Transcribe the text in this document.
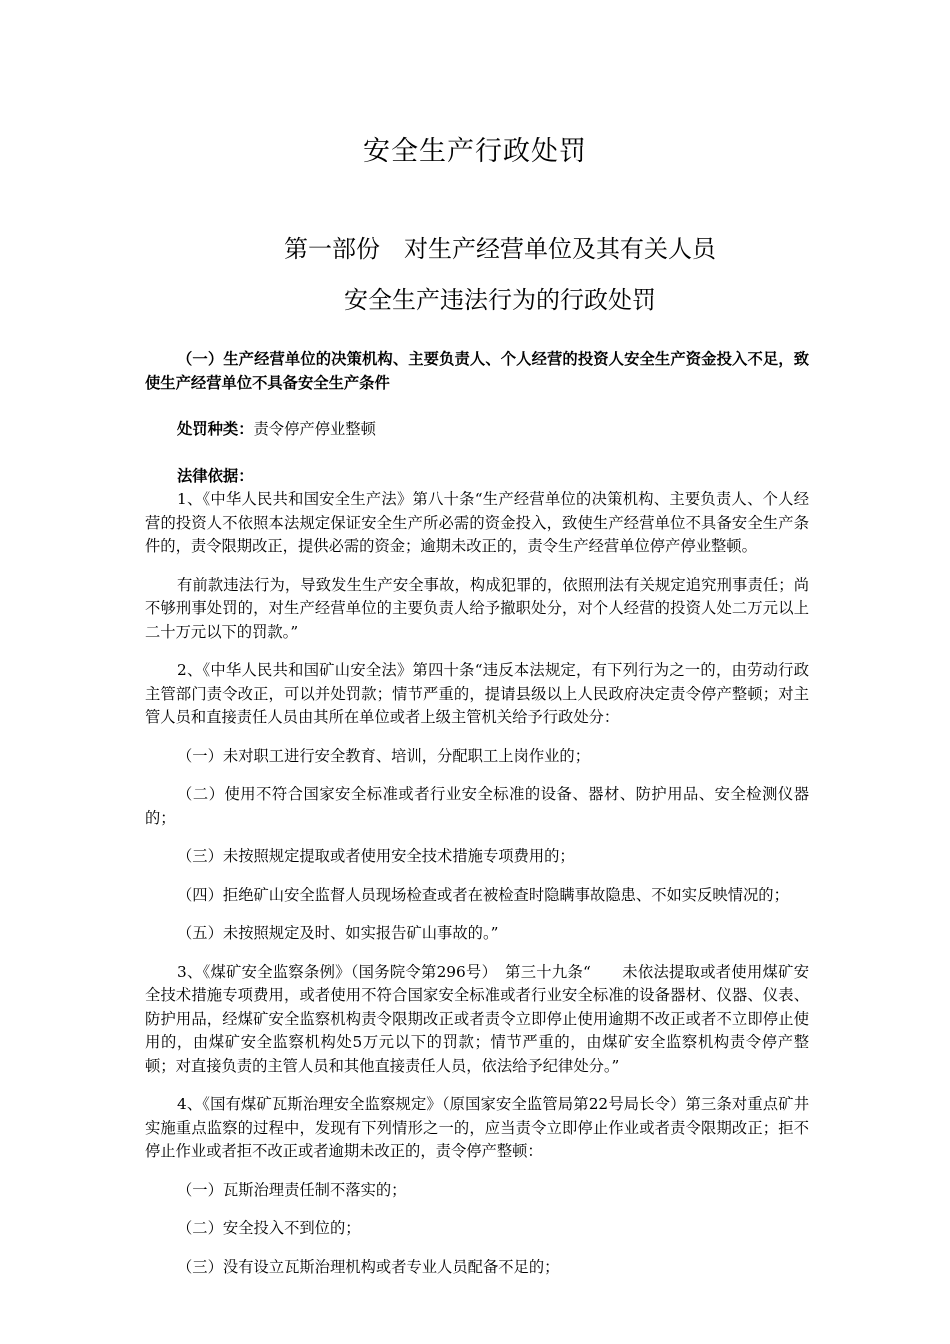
安全生产行政处罚
第一部份　对生产经营单位及其有关人员
安全生产违法行为的行政处罚

（一）生产经营单位的决策机构、主要负责人、个人经营的投资人安全生产资金投入不足，致使生产经营单位不具备安全生产条件

处罚种类：责令停产停业整顿

法律依据：

1、《中华人民共和国安全生产法》第八十条“生产经营单位的决策机构、主要负责人、个人经营的投资人不依照本法规定保证安全生产所必需的资金投入，致使生产经营单位不具备安全生产条件的，责令限期改正，提供必需的资金；逾期未改正的，责令生产经营单位停产停业整顿。

有前款违法行为，导致发生生产安全事故，构成犯罪的，依照刑法有关规定追究刑事责任；尚不够刑事处罚的，对生产经营单位的主要负责人给予撤职处分，对个人经营的投资人处二万元以上二十万元以下的罚款。”

2、《中华人民共和国矿山安全法》第四十条“违反本法规定，有下列行为之一的，由劳动行政主管部门责令改正，可以并处罚款；情节严重的，提请县级以上人民政府决定责令停产整顿；对主管人员和直接责任人员由其所在单位或者上级主管机关给予行政处分：

（一）未对职工进行安全教育、培训，分配职工上岗作业的；

（二）使用不符合国家安全标准或者行业安全标准的设备、器材、防护用品、安全检测仪器的；

（三）未按照规定提取或者使用安全技术措施专项费用的；

（四）拒绝矿山安全监督人员现场检查或者在被检查时隐瞒事故隐患、不如实反映情况的；

（五）未按照规定及时、如实报告矿山事故的。”

3、《煤矿安全监察条例》（国务院令第296号）　第三十九条“　　未依法提取或者使用煤矿安全技术措施专项费用，或者使用不符合国家安全标准或者行业安全标准的设备器材、仪器、仪表、防护用品，经煤矿安全监察机构责令限期改正或者责令立即停止使用逾期不改正或者不立即停止使用的，由煤矿安全监察机构处5万元以下的罚款；情节严重的，由煤矿安全监察机构责令停产整顿；对直接负责的主管人员和其他直接责任人员，依法给予纪律处分。”

4、《国有煤矿瓦斯治理安全监察规定》（原国家安全监管局第22号局长令）第三条对重点矿井实施重点监察的过程中，发现有下列情形之一的，应当责令立即停止作业或者责令限期改正；拒不停止作业或者拒不改正或者逾期未改正的，责令停产整顿：

（一）瓦斯治理责任制不落实的；

（二）安全投入不到位的；

（三）没有设立瓦斯治理机构或者专业人员配备不足的；
